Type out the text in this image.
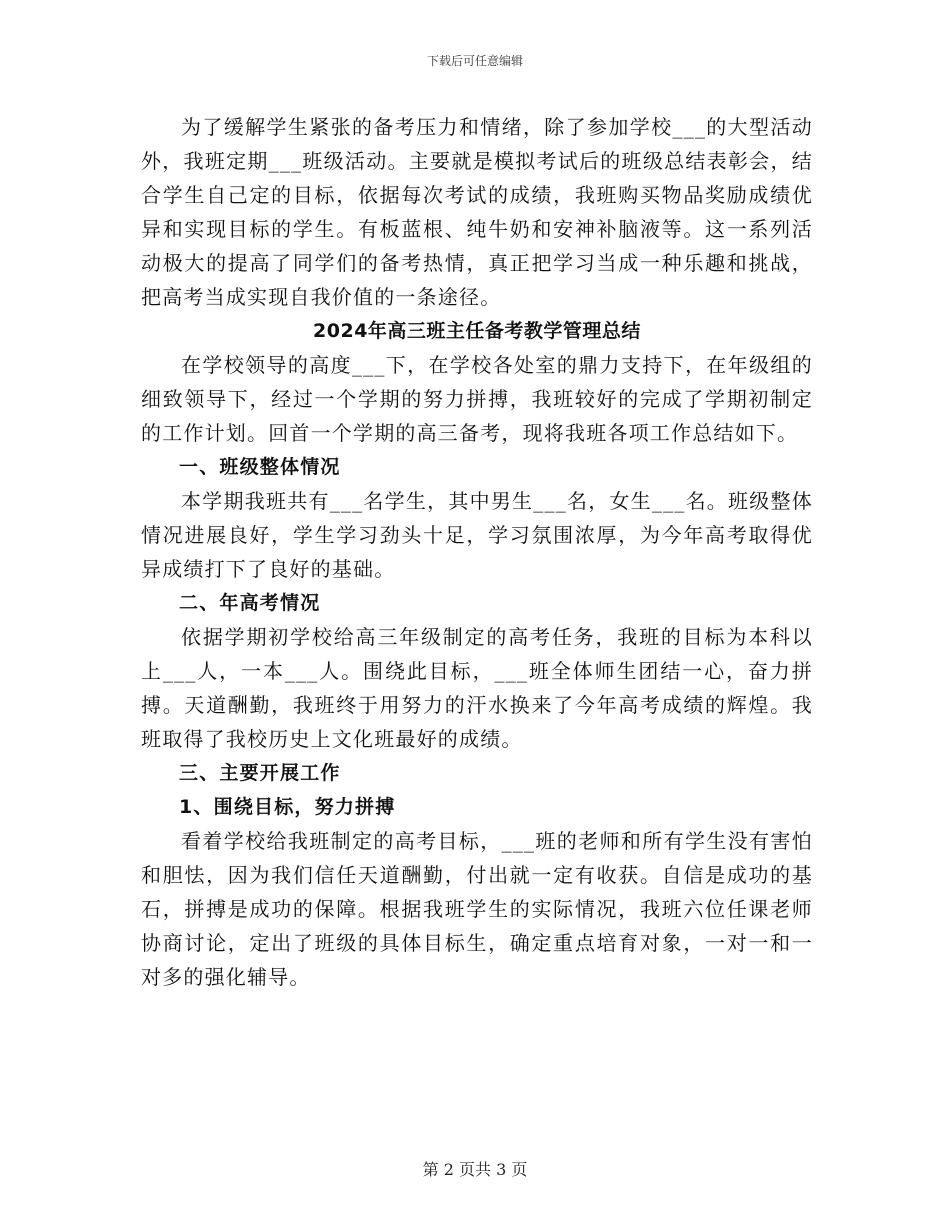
下载后可任意编辑

为了缓解学生紧张的备考压力和情绪，除了参加学校___的大型活动外，我班定期___班级活动。主要就是模拟考试后的班级总结表彰会，结合学生自己定的目标，依据每次考试的成绩，我班购买物品奖励成绩优异和实现目标的学生。有板蓝根、纯牛奶和安神补脑液等。这一系列活动极大的提高了同学们的备考热情，真正把学习当成一种乐趣和挑战，把高考当成实现自我价值的一条途径。

2024年高三班主任备考教学管理总结

在学校领导的高度___下，在学校各处室的鼎力支持下，在年级组的细致领导下，经过一个学期的努力拼搏，我班较好的完成了学期初制定的工作计划。回首一个学期的高三备考，现将我班各项工作总结如下。

一、班级整体情况

本学期我班共有___名学生，其中男生___名，女生___名。班级整体情况进展良好，学生学习劲头十足，学习氛围浓厚，为今年高考取得优异成绩打下了良好的基础。

二、年高考情况

依据学期初学校给高三年级制定的高考任务，我班的目标为本科以上___人，一本___人。围绕此目标，___班全体师生团结一心，奋力拼搏。天道酬勤，我班终于用努力的汗水换来了今年高考成绩的辉煌。我班取得了我校历史上文化班最好的成绩。

三、主要开展工作

1、围绕目标，努力拼搏

看着学校给我班制定的高考目标，___班的老师和所有学生没有害怕和胆怯，因为我们信任天道酬勤，付出就一定有收获。自信是成功的基石，拼搏是成功的保障。根据我班学生的实际情况，我班六位任课老师协商讨论，定出了班级的具体目标生，确定重点培育对象，一对一和一对多的强化辅导。

第 2 页共 3 页
